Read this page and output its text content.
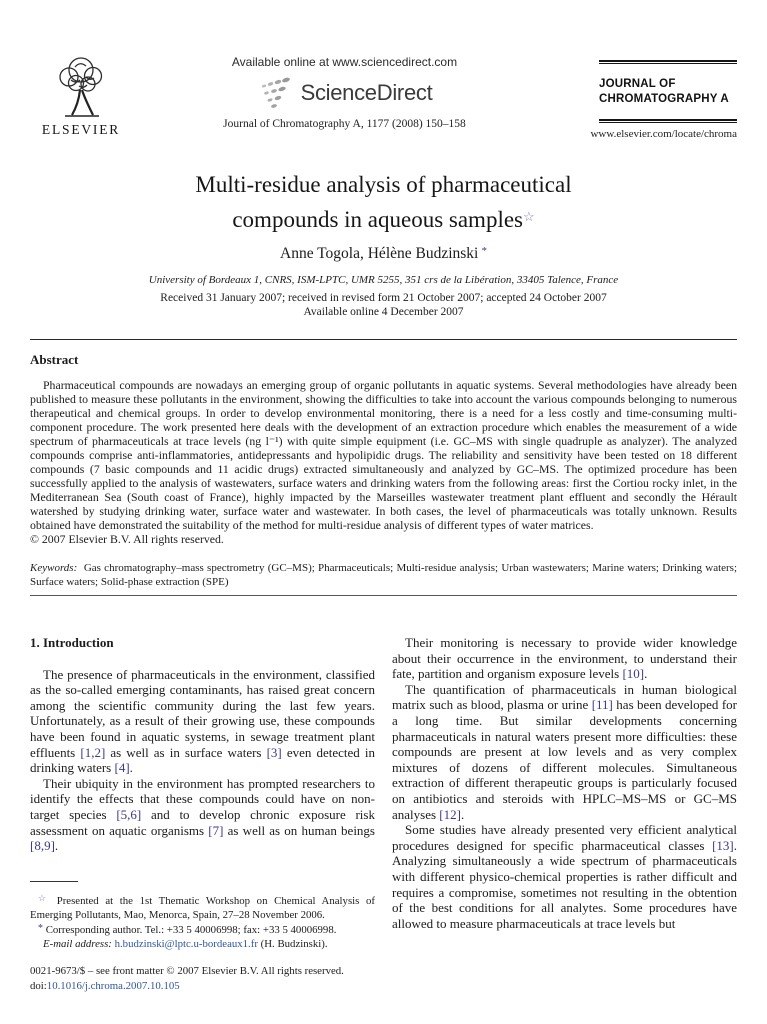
ELSEVIER
Available online at www.sciencedirect.com
ScienceDirect
Journal of Chromatography A, 1177 (2008) 150–158
JOURNAL OF
CHROMATOGRAPHY A
www.elsevier.com/locate/chroma
Multi-residue analysis of pharmaceutical
compounds in aqueous samples☆
Anne Togola, Hélène Budzinski  *
University of Bordeaux 1, CNRS, ISM-LPTC, UMR 5255, 351 crs de la Libération, 33405 Talence, France
Received 31 January 2007; received in revised form 21 October 2007; accepted 24 October 2007
Available online 4 December 2007
Abstract

Pharmaceutical compounds are nowadays an emerging group of organic pollutants in aquatic systems. Several methodologies have already been published to measure these pollutants in the environment, showing the difficulties to take into account the various compounds belonging to numerous therapeutical and chemical groups. In order to develop environmental monitoring, there is a need for a less costly and time-consuming multi-component procedure. The work presented here deals with the development of an extraction procedure which enables the measurement of a wide spectrum of pharmaceuticals at trace levels (ng l⁻¹) with quite simple equipment (i.e. GC–MS with single quadruple as analyzer). The analyzed compounds comprise anti-inflammatories, antidepressants and hypolipidic drugs. The reliability and sensitivity have been tested on 18 different compounds (7 basic compounds and 11 acidic drugs) extracted simultaneously and analyzed by GC–MS. The optimized procedure has been successfully applied to the analysis of wastewaters, surface waters and drinking waters from the following areas: first the Cortiou rocky inlet, in the Mediterranean Sea (South coast of France), highly impacted by the Marseilles wastewater treatment plant effluent and secondly the Hérault watershed by studying drinking water, surface water and wastewater. In both cases, the level of pharmaceuticals was totally unknown. Results obtained have demonstrated the suitability of the method for multi-residue analysis of different types of water matrices.

© 2007 Elsevier B.V. All rights reserved.

Keywords: Gas chromatography–mass spectrometry (GC–MS); Pharmaceuticals; Multi-residue analysis; Urban wastewaters; Marine waters; Drinking waters; Surface waters; Solid-phase extraction (SPE)

1. Introduction

The presence of pharmaceuticals in the environment, classified as the so-called emerging contaminants, has raised great concern among the scientific community during the last few years. Unfortunately, as a result of their growing use, these compounds have been found in aquatic systems, in sewage treatment plant effluents [1,2] as well as in surface waters [3] even detected in drinking waters [4].

Their ubiquity in the environment has prompted researchers to identify the effects that these compounds could have on non-target species [5,6] and to develop chronic exposure risk assessment on aquatic organisms [7] as well as on human beings [8,9].

☆ Presented at the 1st Thematic Workshop on Chemical Analysis of Emerging Pollutants, Mao, Menorca, Spain, 27–28 November 2006.

* Corresponding author. Tel.: +33 5 40006998; fax: +33 5 40006998.

E-mail address: h.budzinski@lptc.u-bordeaux1.fr (H. Budzinski).

0021-9673/$ – see front matter © 2007 Elsevier B.V. All rights reserved.

doi:10.1016/j.chroma.2007.10.105

Their monitoring is necessary to provide wider knowledge about their occurrence in the environment, to understand their fate, partition and organism exposure levels [10].

The quantification of pharmaceuticals in human biological matrix such as blood, plasma or urine [11] has been developed for a long time. But similar developments concerning pharmaceuticals in natural waters present more difficulties: these compounds are present at low levels and as very complex mixtures of dozens of different molecules. Simultaneous extraction of different therapeutic groups is particularly focused on antibiotics and steroids with HPLC–MS–MS or GC–MS analyses [12].

Some studies have already presented very efficient analytical procedures designed for specific pharmaceutical classes [13]. Analyzing simultaneously a wide spectrum of pharmaceuticals with different physico-chemical properties is rather difficult and requires a compromise, sometimes not resulting in the obtention of the best conditions for all analytes. Some procedures have allowed to measure pharmaceuticals at trace levels but
